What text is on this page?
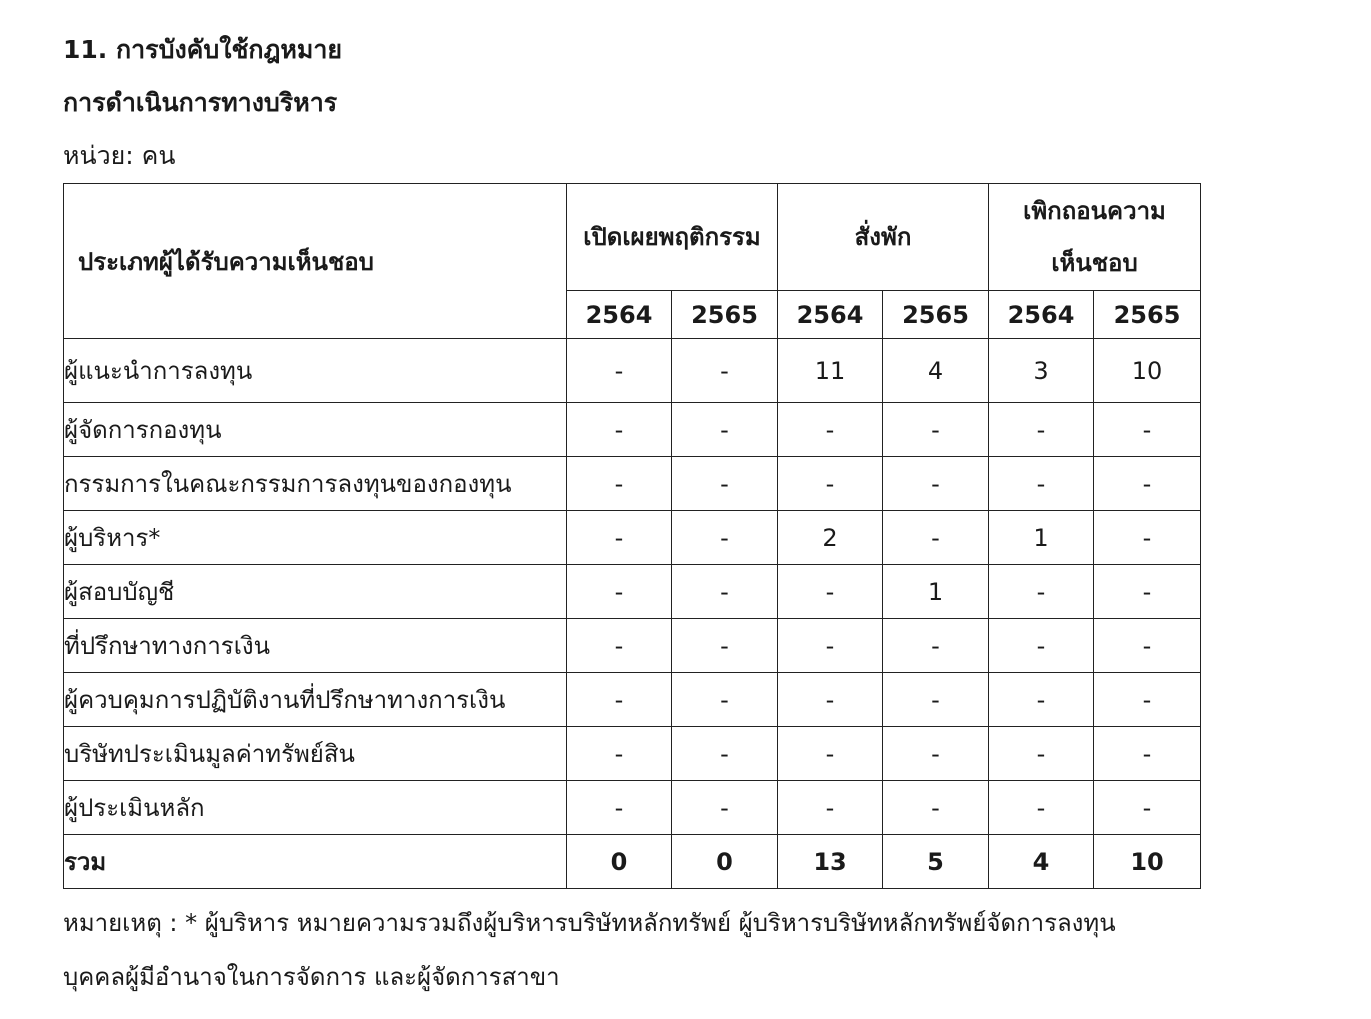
11. การบังคับใช้กฎหมาย
การดำเนินการทางบริหาร
หน่วย: คน
ประเภทผู้ได้รับความเห็นชอบ	เปิดเผยพฤติกรรม		สั่งพัก		เพิกถอนความเห็นชอบ	
	2564	2565	2564	2565	2564	2565
ผู้แนะนำการลงทุน	-	-	11	4	3	10
ผู้จัดการกองทุน	-	-	-	-	-	-
กรรมการในคณะกรรมการลงทุนของกองทุน	-	-	-	-	-	-
ผู้บริหาร*	-	-	2	-	1	-
ผู้สอบบัญชี	-	-	-	1	-	-
ที่ปรึกษาทางการเงิน	-	-	-	-	-	-
ผู้ควบคุมการปฏิบัติงานที่ปรึกษาทางการเงิน	-	-	-	-	-	-
บริษัทประเมินมูลค่าทรัพย์สิน	-	-	-	-	-	-
ผู้ประเมินหลัก	-	-	-	-	-	-
รวม	0	0	13	5	4	10
หมายเหตุ : * ผู้บริหาร หมายความรวมถึงผู้บริหารบริษัทหลักทรัพย์ ผู้บริหารบริษัทหลักทรัพย์จัดการลงทุน
บุคคลผู้มีอำนาจในการจัดการ และผู้จัดการสาขา
